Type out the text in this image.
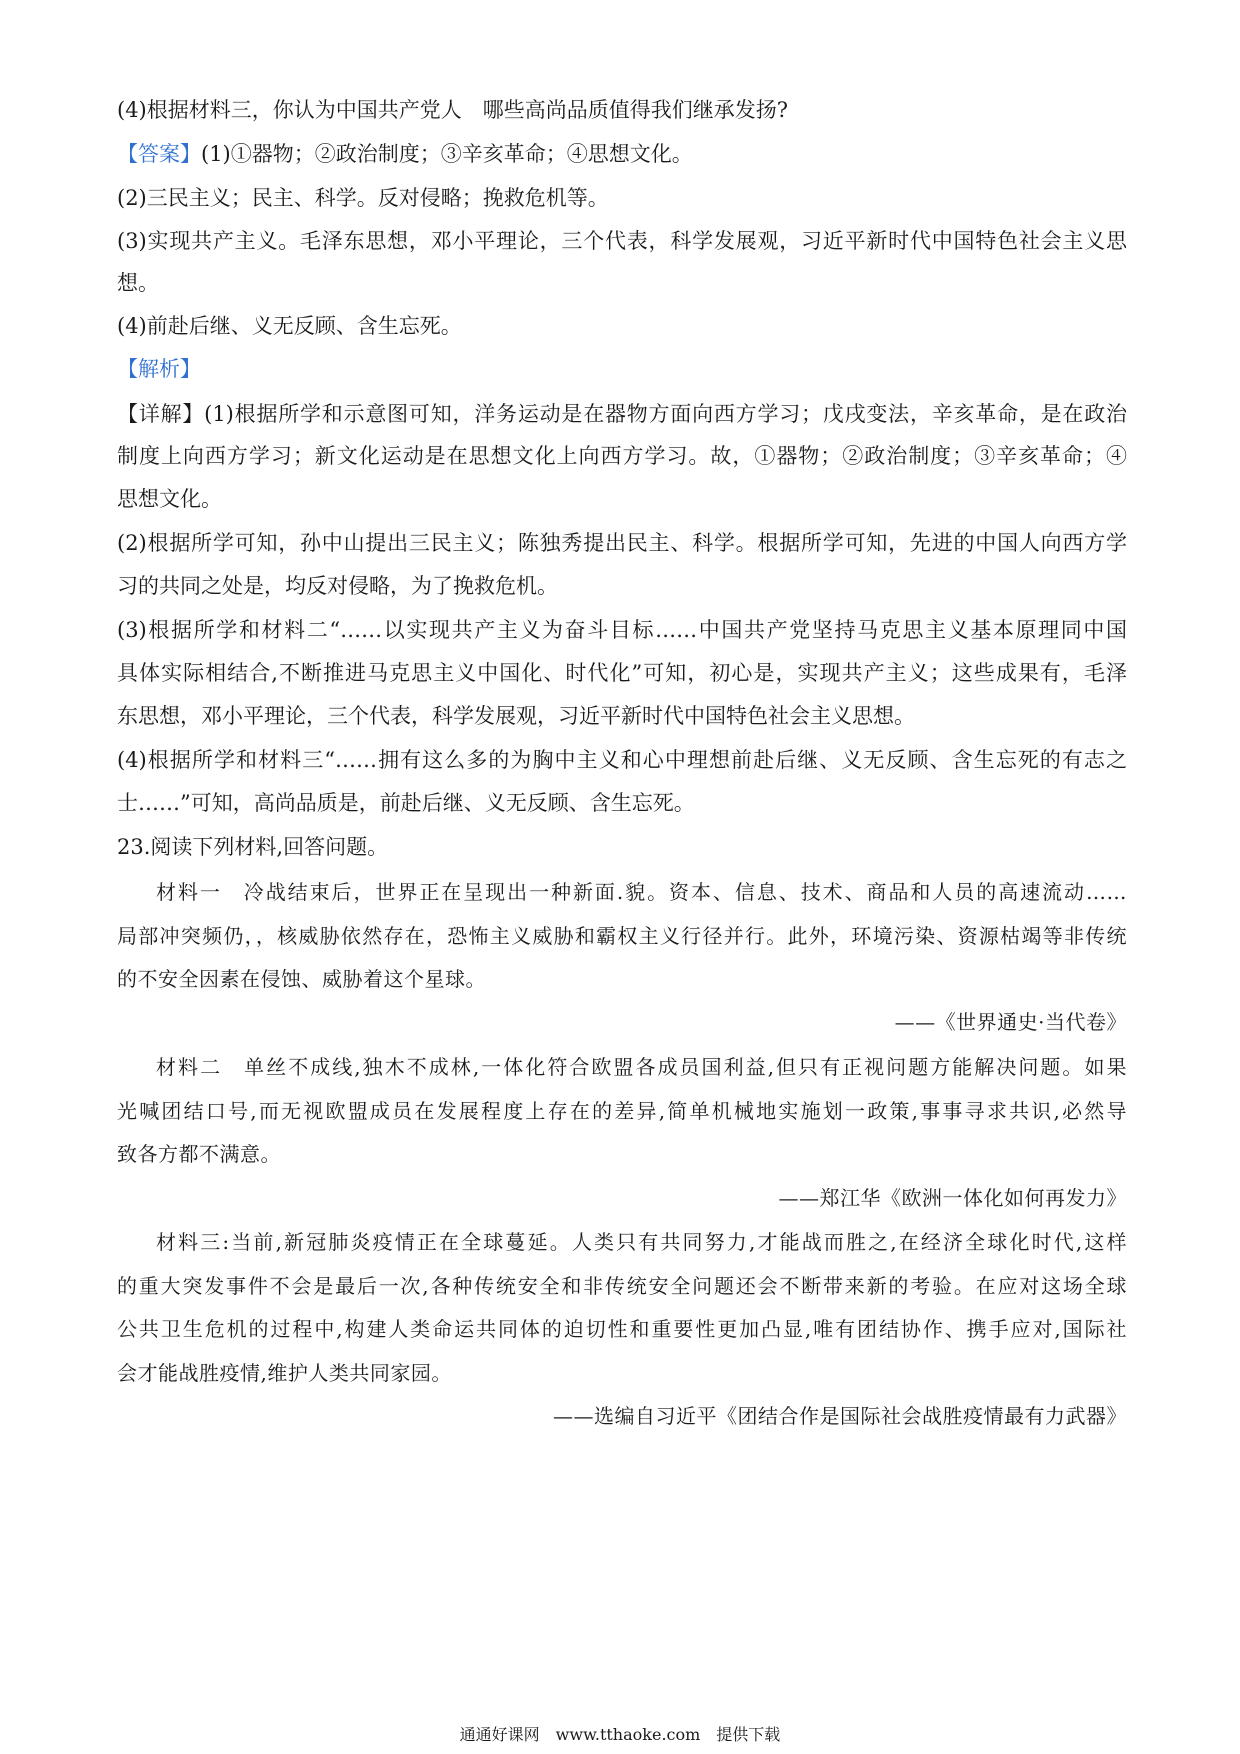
(4)根据材料三，你认为中国共产党人　哪些高尚品质值得我们继承发扬?
【答案】(1)①器物；②政治制度；③辛亥革命；④思想文化。
(2)三民主义；民主、科学。反对侵略；挽救危机等。
(3)实现共产主义。毛泽东思想，邓小平理论，三个代表，科学发展观，习近平新时代中国特色社会主义思
想。
(4)前赴后继、义无反顾、含生忘死。
【解析】
【详解】(1)根据所学和示意图可知，洋务运动是在器物方面向西方学习；戊戌变法，辛亥革命，是在政治
制度上向西方学习；新文化运动是在思想文化上向西方学习。故，①器物；②政治制度；③辛亥革命；④
思想文化。
(2)根据所学可知，孙中山提出三民主义；陈独秀提出民主、科学。根据所学可知，先进的中国人向西方学
习的共同之处是，均反对侵略，为了挽救危机。
(3)根据所学和材料二“……以实现共产主义为奋斗目标……中国共产党坚持马克思主义基本原理同中国
具体实际相结合,不断推进马克思主义中国化、时代化”可知，初心是，实现共产主义；这些成果有，毛泽
东思想，邓小平理论，三个代表，科学发展观，习近平新时代中国特色社会主义思想。
(4)根据所学和材料三“……拥有这么多的为胸中主义和心中理想前赴后继、义无反顾、含生忘死的有志之
士……”可知，高尚品质是，前赴后继、义无反顾、含生忘死。
23.阅读下列材料,回答问题。
材料一　冷战结束后，世界正在呈现出一种新面.貌。资本、信息、技术、商品和人员的高速流动……
局部冲突频仍，，核威胁依然存在，恐怖主义威胁和霸权主义行径并行。此外，环境污染、资源枯竭等非传统
的不安全因素在侵蚀、威胁着这个星球。
——《世界通史·当代卷》
材料二　单丝不成线,独木不成林,一体化符合欧盟各成员国利益,但只有正视问题方能解决问题。如果
光喊团结口号,而无视欧盟成员在发展程度上存在的差异,简单机械地实施划一政策,事事寻求共识,必然导
致各方都不满意。
——郑江华《欧洲一体化如何再发力》
材料三:当前,新冠肺炎疫情正在全球蔓延。人类只有共同努力,才能战而胜之,在经济全球化时代,这样
的重大突发事件不会是最后一次,各种传统安全和非传统安全问题还会不断带来新的考验。在应对这场全球
公共卫生危机的过程中,构建人类命运共同体的迫切性和重要性更加凸显,唯有团结协作、携手应对,国际社
会才能战胜疫情,维护人类共同家园。
——选编自习近平《团结合作是国际社会战胜疫情最有力武器》
通通好课网　www.tthaoke.com　提供下载
